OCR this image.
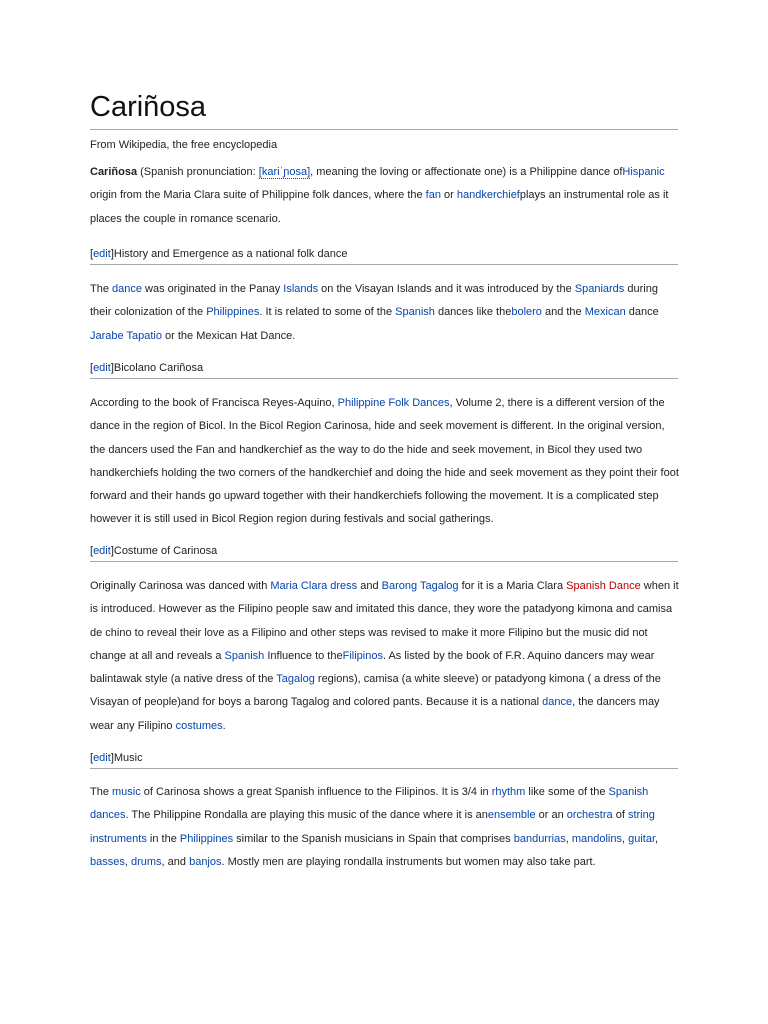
Cariñosa
From Wikipedia, the free encyclopedia

Cariñosa (Spanish pronunciation: [kariˈɲosa], meaning the loving or affectionate one) is a Philippine dance ofHispanic origin from the Maria Clara suite of Philippine folk dances, where the fan or handkerchiefplays an instrumental role as it places the couple in romance scenario.

[edit]History and Emergence as a national folk dance

The dance was originated in the Panay Islands on the Visayan Islands and it was introduced by the Spaniards during their colonization of the Philippines. It is related to some of the Spanish dances like thebolero and the Mexican dance Jarabe Tapatio or the Mexican Hat Dance.

[edit]Bicolano Cariñosa

According to the book of Francisca Reyes-Aquino, Philippine Folk Dances, Volume 2, there is a different version of the dance in the region of Bicol. In the Bicol Region Carinosa, hide and seek movement is different. In the original version, the dancers used the Fan and handkerchief as the way to do the hide and seek movement, in Bicol they used two handkerchiefs holding the two corners of the handkerchief and doing the hide and seek movement as they point their foot forward and their hands go upward together with their handkerchiefs following the movement. It is a complicated step however it is still used in Bicol Region region during festivals and social gatherings.

[edit]Costume of Carinosa

Originally Carinosa was danced with Maria Clara dress and Barong Tagalog for it is a Maria Clara Spanish Dance when it is introduced. However as the Filipino people saw and imitated this dance, they wore the patadyong kimona and camisa de chino to reveal their love as a Filipino and other steps was revised to make it more Filipino but the music did not change at all and reveals a Spanish Influence to theFilipinos. As listed by the book of F.R. Aquino dancers may wear balintawak style (a native dress of the Tagalog regions), camisa (a white sleeve) or patadyong kimona ( a dress of the Visayan of people)and for boys a barong Tagalog and colored pants. Because it is a national dance, the dancers may wear any Filipino costumes.

[edit]Music

The music of Carinosa shows a great Spanish influence to the Filipinos. It is 3/4 in rhythm like some of the Spanish dances. The Philippine Rondalla are playing this music of the dance where it is anensemble or an orchestra of string instruments in the Philippines similar to the Spanish musicians in Spain that comprises bandurrias, mandolins, guitar, basses, drums, and banjos. Mostly men are playing rondalla instruments but women may also take part.
